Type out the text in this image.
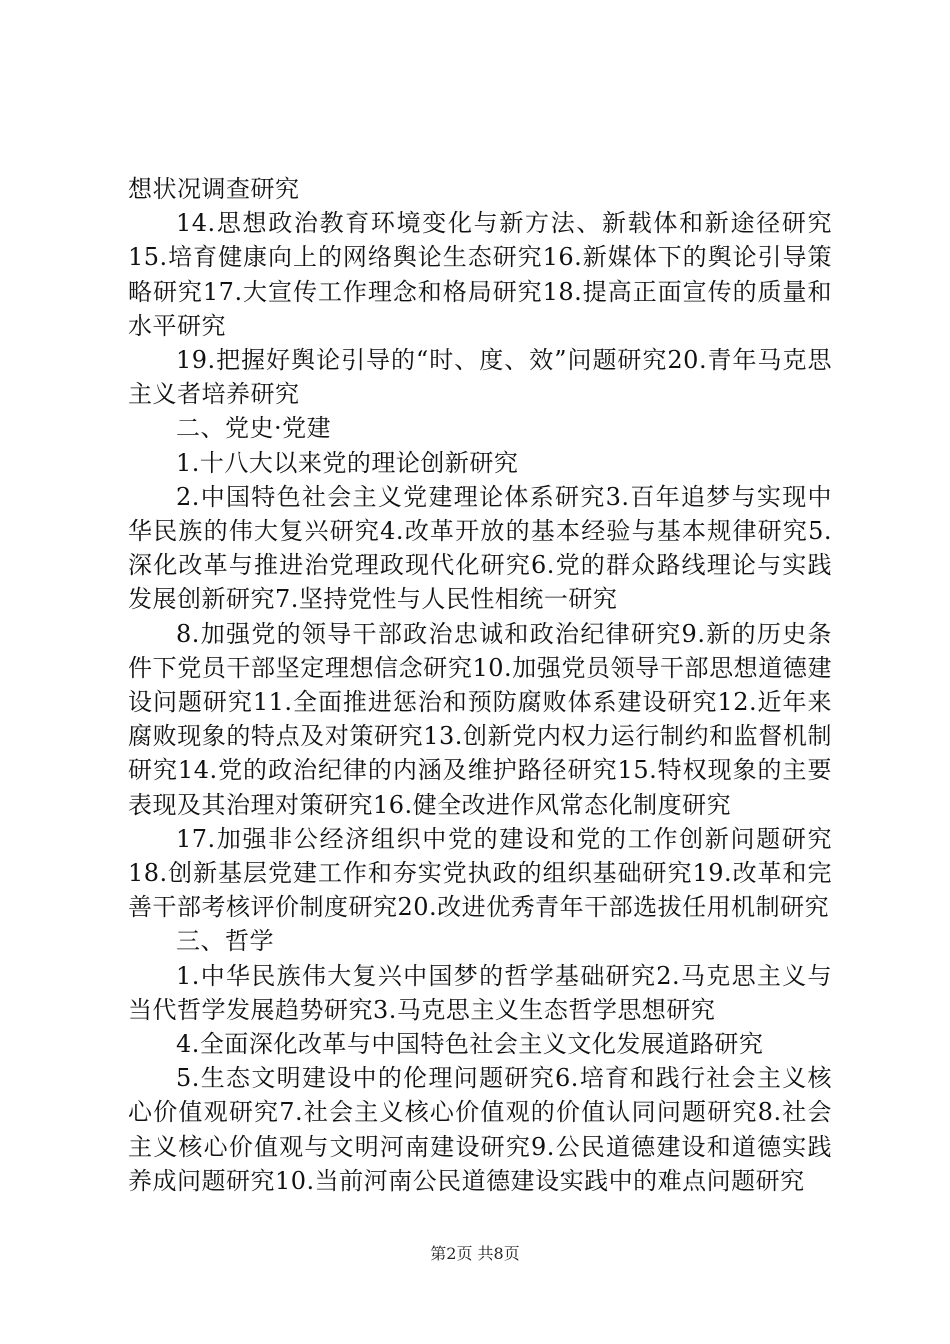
想状况调查研究

14.思想政治教育环境变化与新方法、新载体和新途径研究15.培育健康向上的网络舆论生态研究16.新媒体下的舆论引导策略研究17.大宣传工作理念和格局研究18.提高正面宣传的质量和水平研究

19.把握好舆论引导的“时、度、效”问题研究20.青年马克思主义者培养研究

二、党史·党建

1.十八大以来党的理论创新研究

2.中国特色社会主义党建理论体系研究3.百年追梦与实现中华民族的伟大复兴研究4.改革开放的基本经验与基本规律研究5.深化改革与推进治党理政现代化研究6.党的群众路线理论与实践发展创新研究7.坚持党性与人民性相统一研究

8.加强党的领导干部政治忠诚和政治纪律研究9.新的历史条件下党员干部坚定理想信念研究10.加强党员领导干部思想道德建设问题研究11.全面推进惩治和预防腐败体系建设研究12.近年来腐败现象的特点及对策研究13.创新党内权力运行制约和监督机制研究14.党的政治纪律的内涵及维护路径研究15.特权现象的主要表现及其治理对策研究16.健全改进作风常态化制度研究

17.加强非公经济组织中党的建设和党的工作创新问题研究18.创新基层党建工作和夯实党执政的组织基础研究19.改革和完善干部考核评价制度研究20.改进优秀青年干部选拔任用机制研究

三、哲学

1.中华民族伟大复兴中国梦的哲学基础研究2.马克思主义与当代哲学发展趋势研究3.马克思主义生态哲学思想研究

4.全面深化改革与中国特色社会主义文化发展道路研究

5.生态文明建设中的伦理问题研究6.培育和践行社会主义核心价值观研究7.社会主义核心价值观的价值认同问题研究8.社会主义核心价值观与文明河南建设研究9.公民道德建设和道德实践养成问题研究10.当前河南公民道德建设实践中的难点问题研究

第2页 共8页
